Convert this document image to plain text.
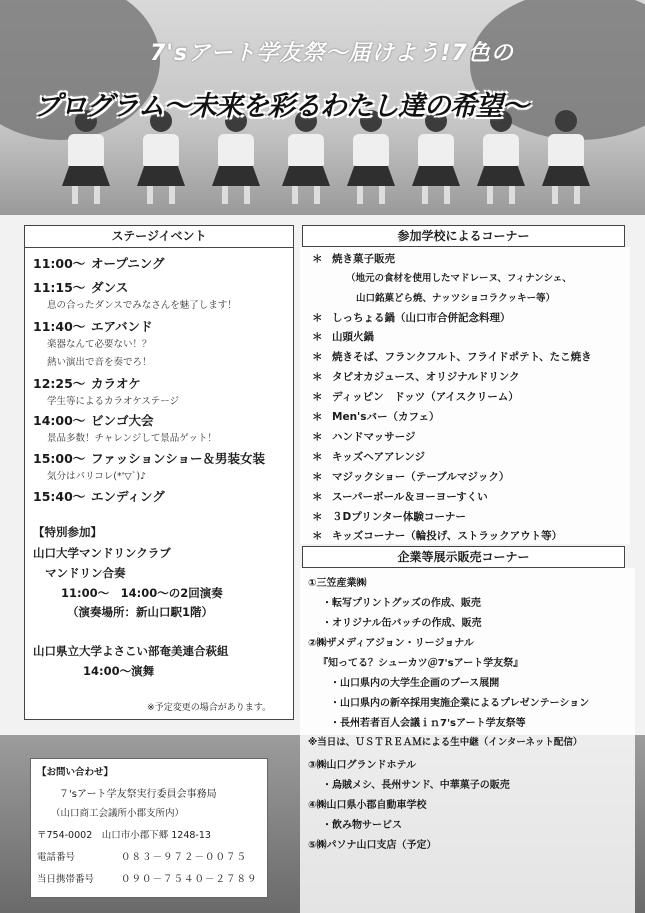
7'sアート学友祭～届けよう!7色の
プログラム～未来を彩るわたし達の希望～
ステージイベント
11:00～ オープニング
11:15～ ダンス
息の合ったダンスでみなさんを魅了します！
11:40～ エアバンド
楽器なんて必要ない！？
熱い演出で音を奏でろ！
12:25～ カラオケ
学生等によるカラオケステージ
14:00～ ビンゴ大会
景品多数！チャレンジして景品ゲット！
15:00～ ファッションショー＆男装女装
気分はパリコレ(*'▽`)♪
15:40～ エンディング
【特別参加】
山口大学マンドリンクラブ
マンドリン合奏
11:00～　14:00～の2回演奏
（演奏場所：新山口駅1階）
山口県立大学よさこい部奄美連合萩組
14:00～演舞
※予定変更の場合があります。
参加学校によるコーナー
＊ 焼き菓子販売
（地元の食材を使用したマドレーヌ、フィナンシェ、
山口銘菓どら焼、ナッツショコラクッキー等）
＊ しっちょる鍋（山口市合併記念料理）
＊ 山頭火鍋
＊ 焼きそば、フランクフルト、フライドポテト、たこ焼き
＊ タピオカジュース、オリジナルドリンク
＊ ディッピン　ドッツ（アイスクリーム）
＊ Men'sバー（カフェ）
＊ ハンドマッサージ
＊ キッズヘアアレンジ
＊ マジックショー（テーブルマジック）
＊ スーパーボール＆ヨーヨーすくい
＊ ３Dプリンター体験コーナー
＊ キッズコーナー（輪投げ、ストラックアウト等）
企業等展示販売コーナー
①三笠産業㈱
・転写プリントグッズの作成、販売
・オリジナル缶バッチの作成、販売
②㈱ザメディアジョン・リージョナル
『知ってる？シューカツ＠7'sアート学友祭』
・山口県内の大学生企画のブース展開
・山口県内の新卒採用実施企業によるプレゼンテーション
・長州若者百人会議ｉｎ7'sアート学友祭等
※当日は、ＵＳＴＲＥＡＭによる生中継（インターネット配信）
③㈱山口グランドホテル
・烏賊メシ、長州サンド、中華菓子の販売
④㈱山口県小郡自動車学校
・飲み物サービス
⑤㈱パソナ山口支店（予定）
【お問い合わせ】
７'sアート学友祭実行委員会事務局
（山口商工会議所小郡支所内）
〒754-0002　山口市小郡下郷 1248-13
電話番号	０８３－９７２－００７５
当日携帯番号	０９０－７５４０－２７８９
